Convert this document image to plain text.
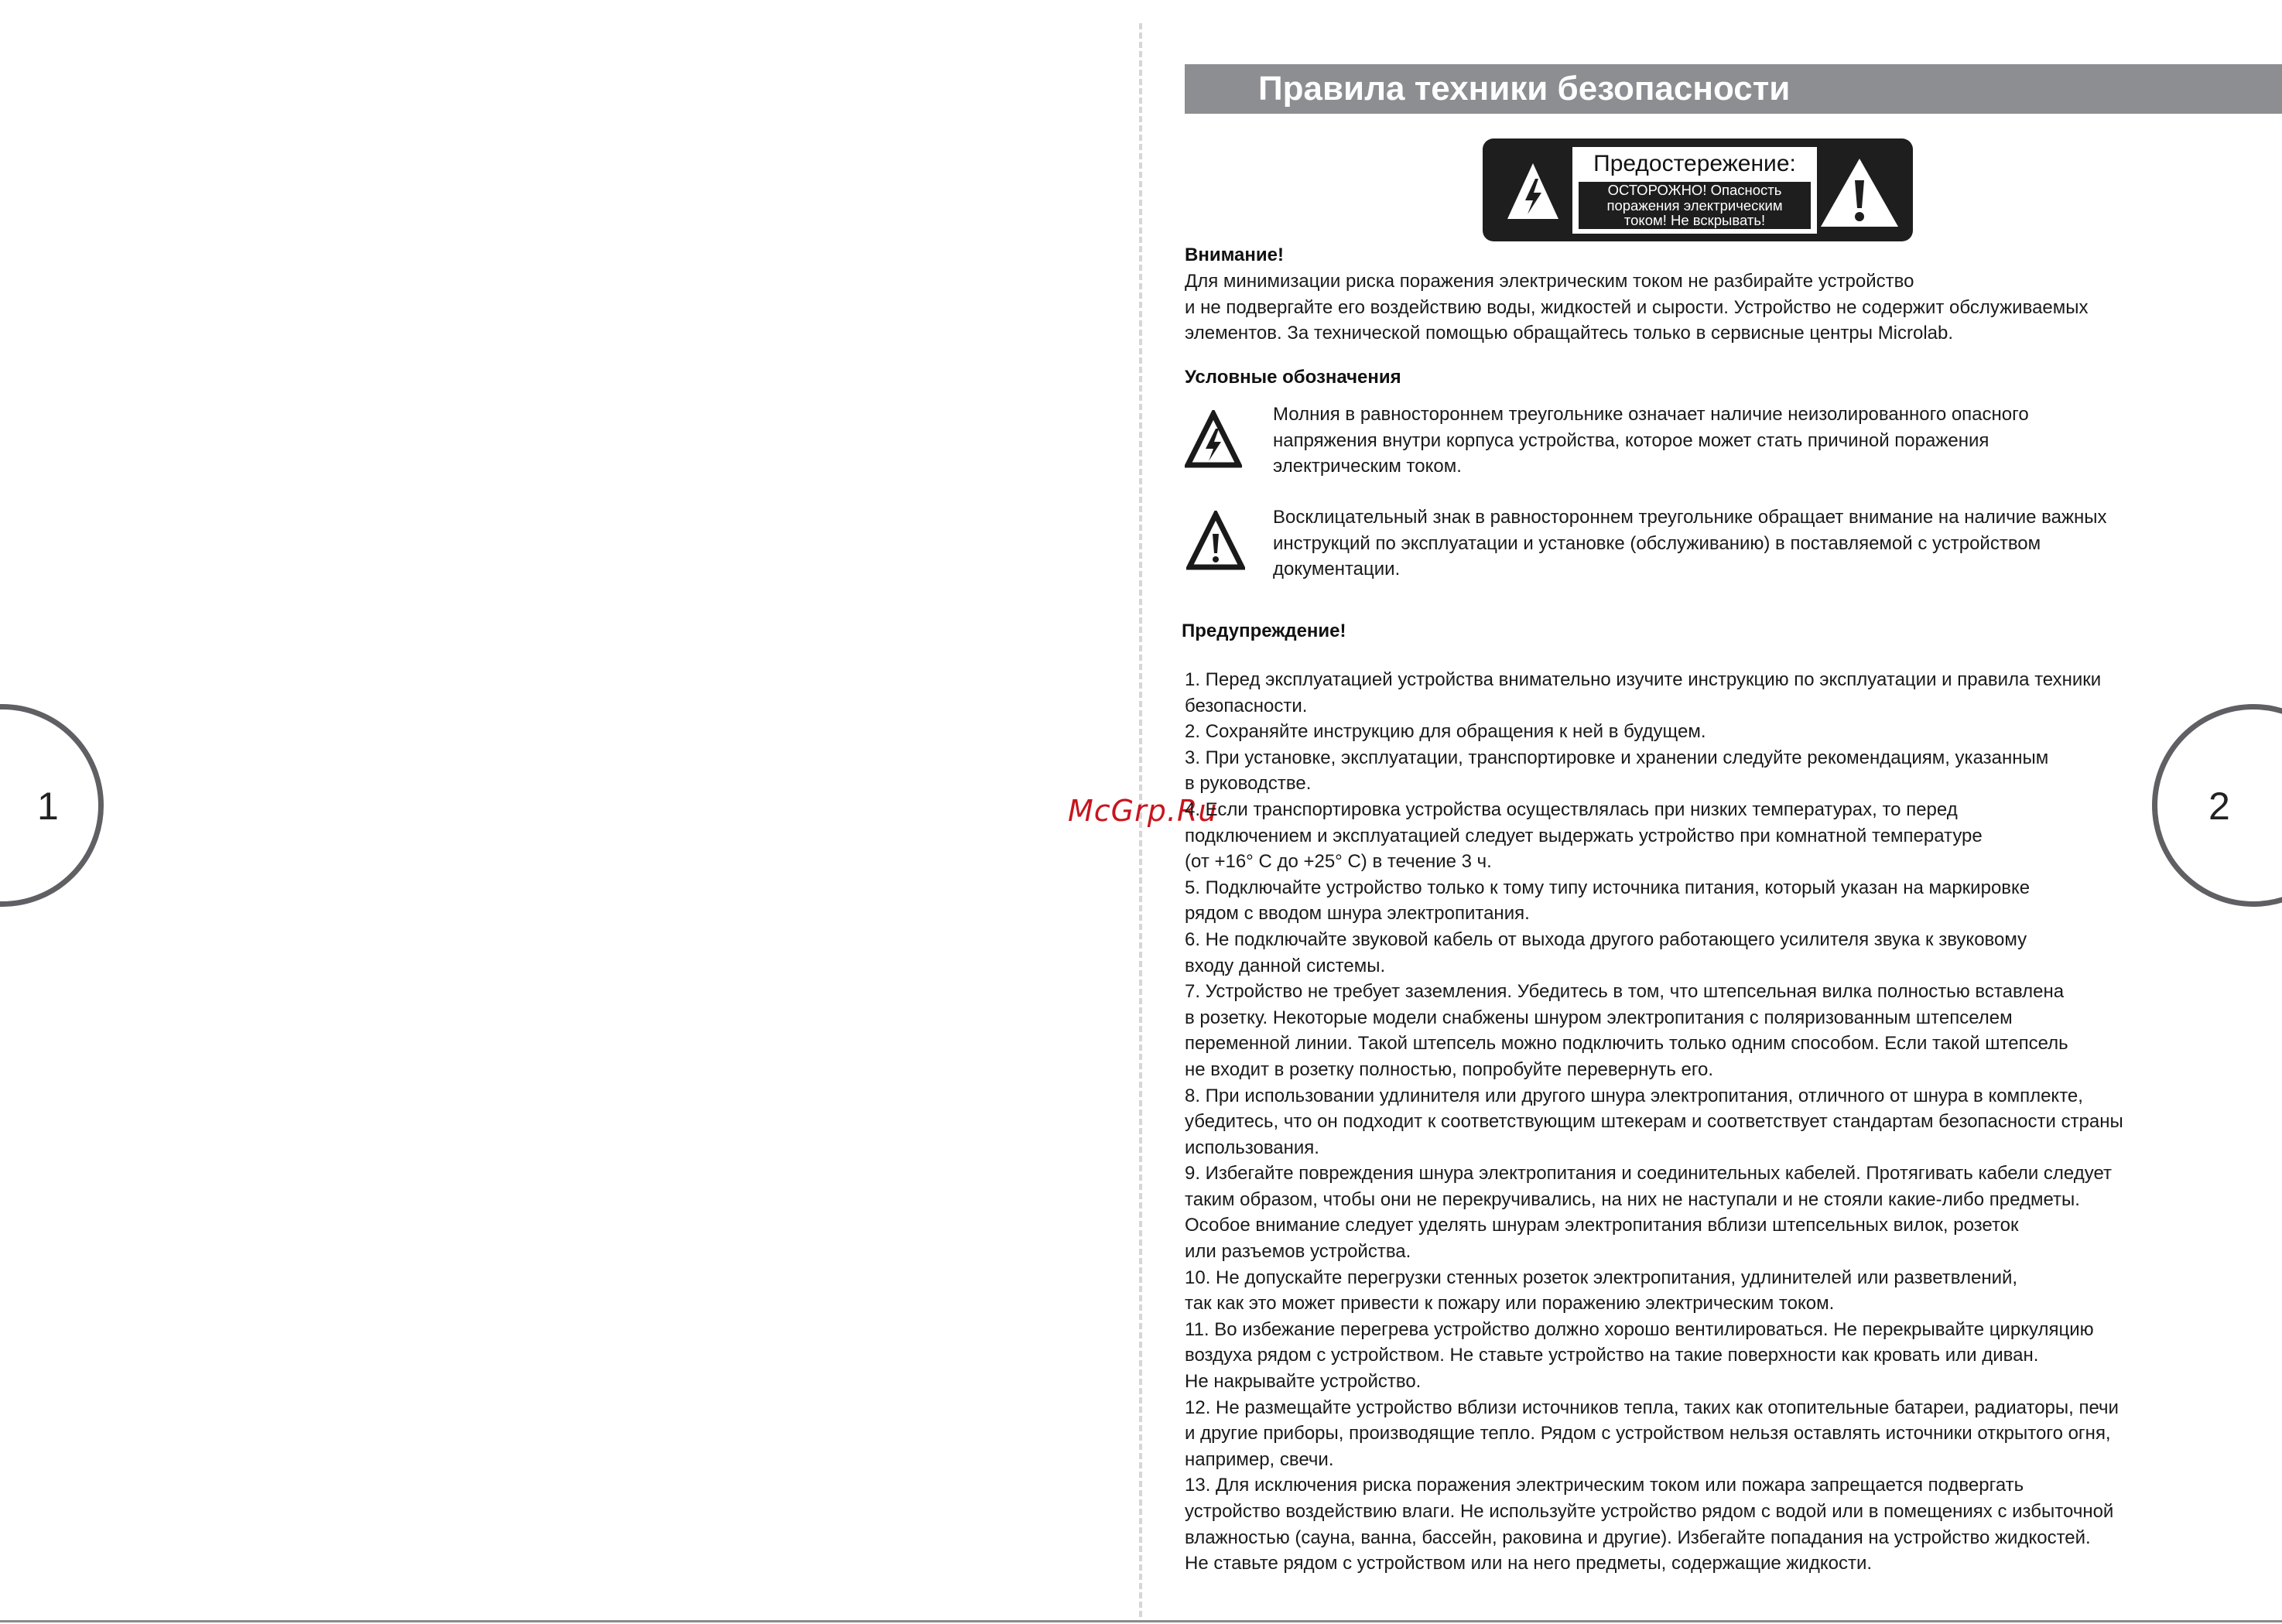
1	2
McGrp.Ru
Правила техники безопасности
Предостережение:
ОСТОРОЖНО! Опасность
поражения электрическим
током! Не вскрывать!
Внимание!
Для минимизации риска поражения электрическим током не разбирайте устройство
и не подвергайте его воздействию воды, жидкостей и сырости. Устройство не содержит обслуживаемых
элементов. За технической помощью обращайтесь только в сервисные центры Microlab.
Условные обозначения
Молния в равностороннем треугольнике означает наличие неизолированного опасного
напряжения внутри корпуса устройства, которое может стать причиной поражения
электрическим током.
Восклицательный знак в равностороннем треугольнике обращает внимание на наличие важных
инструкций по эксплуатации и установке (обслуживанию) в поставляемой с устройством
документации.
Предупреждение!
1. Перед эксплуатацией устройства внимательно изучите инструкцию по эксплуатации и правила техники
безопасности.
2. Сохраняйте инструкцию для обращения к ней в будущем.
3. При установке, эксплуатации, транспортировке и хранении следуйте рекомендациям, указанным
в руководстве.
4. Если транспортировка устройства осуществлялась при низких температурах, то перед
подключением и эксплуатацией следует выдержать устройство при комнатной температуре
(от +16° С до +25° С) в течение 3 ч.
5. Подключайте устройство только к тому типу источника питания, который указан на маркировке
рядом с вводом шнура электропитания.
6. Не подключайте звуковой кабель от выхода другого работающего усилителя звука к звуковому
входу данной системы.
7. Устройство не требует заземления. Убедитесь в том, что штепсельная вилка полностью вставлена
в розетку. Некоторые модели снабжены шнуром электропитания с поляризованным штепселем
переменной линии. Такой штепсель можно подключить только одним способом. Если такой штепсель
не входит в розетку полностью, попробуйте перевернуть его.
8. При использовании удлинителя или другого шнура электропитания, отличного от шнура в комплекте,
убедитесь, что он подходит к соответствующим штекерам и соответствует стандартам безопасности страны
использования.
9. Избегайте повреждения шнура электропитания и соединительных кабелей. Протягивать кабели следует
таким образом, чтобы они не перекручивались, на них не наступали и не стояли какие-либо предметы.
Особое внимание следует уделять шнурам электропитания вблизи штепсельных вилок, розеток
или разъемов устройства.
10. Не допускайте перегрузки стенных розеток электропитания, удлинителей или разветвлений,
так как это может привести к пожару или поражению электрическим током.
11. Во избежание перегрева устройство должно хорошо вентилироваться. Не перекрывайте циркуляцию
воздуха рядом с устройством. Не ставьте устройство на такие поверхности как кровать или диван.
Не накрывайте устройство.
12. Не размещайте устройство вблизи источников тепла, таких как отопительные батареи, радиаторы, печи
и другие приборы, производящие тепло. Рядом с устройством нельзя оставлять источники открытого огня,
например, свечи.
13. Для исключения риска поражения электрическим током или пожара запрещается подвергать
устройство воздействию влаги. Не используйте устройство рядом с водой или в помещениях с избыточной
влажностью (сауна, ванна, бассейн, раковина и другие). Избегайте попадания на устройство жидкостей.
Не ставьте рядом с устройством или на него предметы, содержащие жидкости.
